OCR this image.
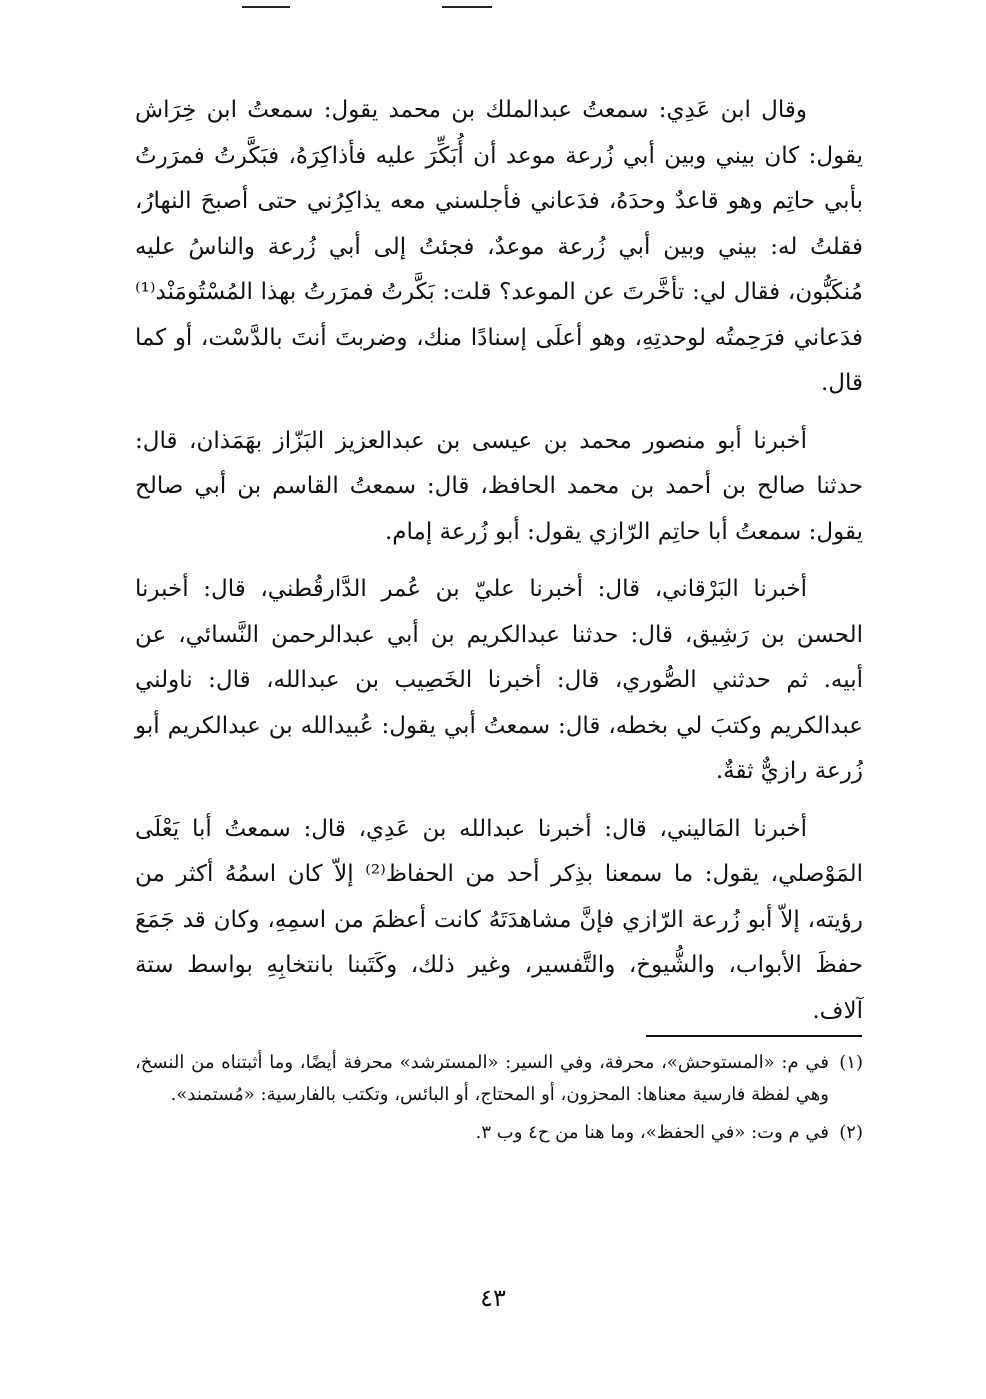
وقال ابن عَدِي: سمعتُ عبدالملك بن محمد يقول: سمعتُ ابن خِرَاش يقول: كان بيني وبين أبي زُرعة موعد أن أُبَكِّرَ عليه فأذاكِرَهُ، فبَكَّرتُ فمرَرتُ بأبي حاتِم وهو قاعدٌ وحدَهُ، فدَعاني فأجلسني معه يذاكِرُني حتى أصبحَ النهارُ، فقلتُ له: بيني وبين أبي زُرعة موعدٌ، فجئتُ إلى أبي زُرعة والناسُ عليه مُنكَبُّون، فقال لي: تأخَّرتَ عن الموعد؟ قلت: بَكَّرتُ فمرَرتُ بهذا المُسْتُومَنْد⁽¹⁾ فدَعاني فرَحِمتُه لوحدتِهِ، وهو أعلَى إسنادًا منك، وضربتَ أنتَ بالدَّسْت، أو كما قال.

أخبرنا أبو منصور محمد بن عيسى بن عبدالعزيز البَزّاز بهَمَذان، قال: حدثنا صالح بن أحمد بن محمد الحافظ، قال: سمعتُ القاسم بن أبي صالح يقول: سمعتُ أبا حاتِم الرّازي يقول: أبو زُرعة إمام.

أخبرنا البَرْقاني، قال: أخبرنا عليّ بن عُمر الدَّارقُطني، قال: أخبرنا الحسن بن رَشِيق، قال: حدثنا عبدالكريم بن أبي عبدالرحمن النَّسائي، عن أبيه. ثم حدثني الصُّوري، قال: أخبرنا الخَصِيب بن عبدالله، قال: ناولني عبدالكريم وكتبَ لي بخطه، قال: سمعتُ أبي يقول: عُبيدالله بن عبدالكريم أبو زُرعة رازيٌّ ثقةٌ.

أخبرنا المَاليني، قال: أخبرنا عبدالله بن عَدِي، قال: سمعتُ أبا يَعْلَى المَوْصلي، يقول: ما سمعنا بذِكر أحد من الحفاظ⁽²⁾ إلاّ كان اسمُهُ أكثر من رؤيته، إلاّ أبو زُرعة الرّازي فإنَّ مشاهدَتَهُ كانت أعظمَ من اسمِهِ، وكان قد جَمَعَ حفظَ الأبواب، والشُّيوخ، والتَّفسير، وغير ذلك، وكَتَبنا بانتخابِهِ بواسط ستة آلاف.

(١)
في م: «المستوحش»، محرفة، وفي السير: «المسترشد» محرفة أيضًا، وما أثبتناه من النسخ، وهي لفظة فارسية معناها: المحزون، أو المحتاج، أو البائس، وتكتب بالفارسية: «مُستمند».
(٢)
في م وت: «في الحفظ»، وما هنا من ح٤ وب ٣.
٤٣
